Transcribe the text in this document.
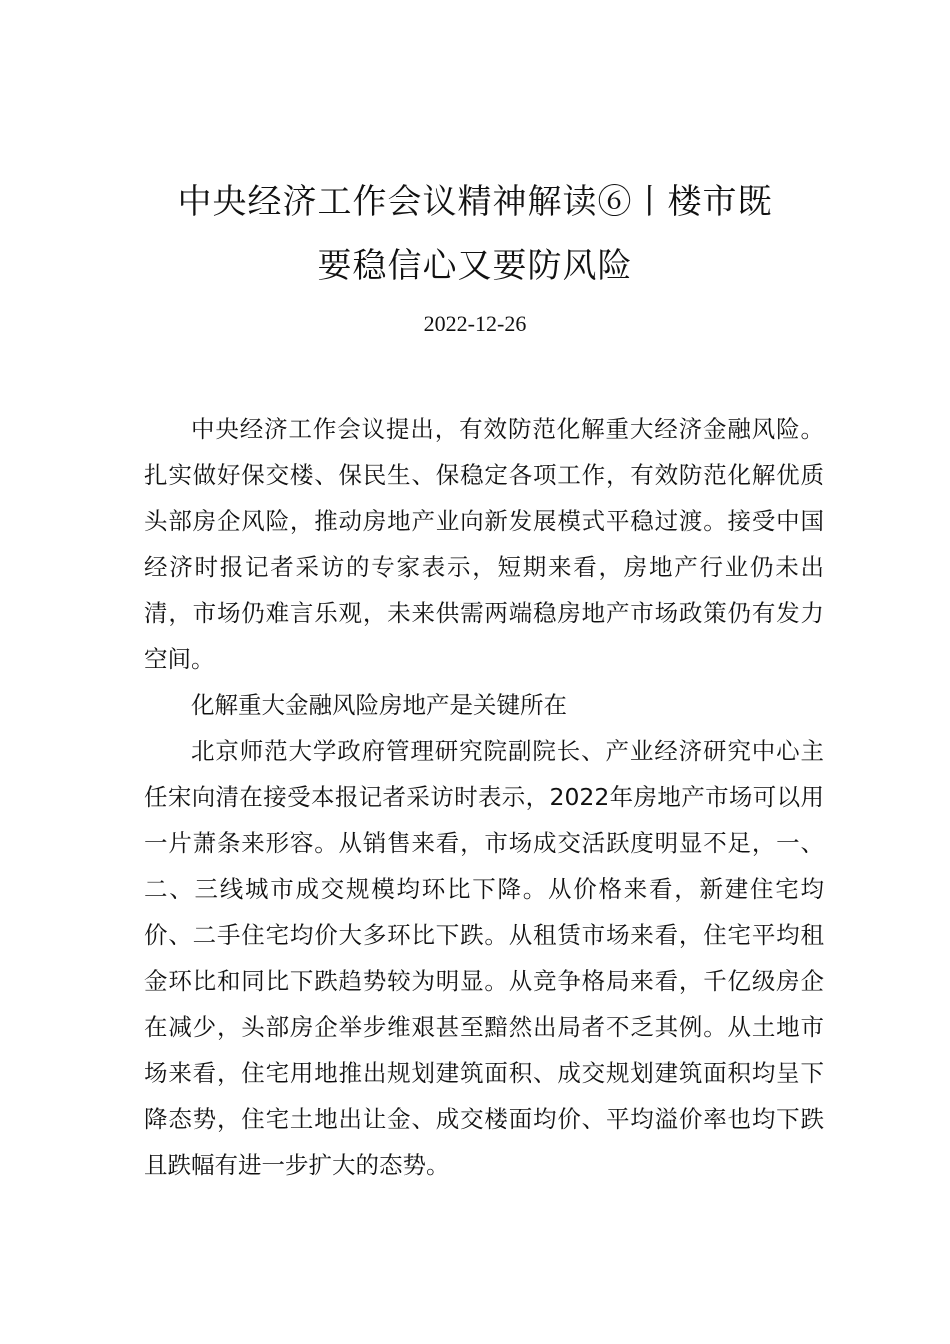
中央经济工作会议精神解读⑥丨楼市既
要稳信心又要防风险
2022-12-26

中央经济工作会议提出，有效防范化解重大经济金融风险。扎实做好保交楼、保民生、保稳定各项工作，有效防范化解优质头部房企风险，推动房地产业向新发展模式平稳过渡。接受中国经济时报记者采访的专家表示，短期来看，房地产行业仍未出清，市场仍难言乐观，未来供需两端稳房地产市场政策仍有发力空间。

化解重大金融风险房地产是关键所在

北京师范大学政府管理研究院副院长、产业经济研究中心主任宋向清在接受本报记者采访时表示，2022年房地产市场可以用一片萧条来形容。从销售来看，市场成交活跃度明显不足，一、二、三线城市成交规模均环比下降。从价格来看，新建住宅均价、二手住宅均价大多环比下跌。从租赁市场来看，住宅平均租金环比和同比下跌趋势较为明显。从竞争格局来看，千亿级房企在减少，头部房企举步维艰甚至黯然出局者不乏其例。从土地市场来看，住宅用地推出规划建筑面积、成交规划建筑面积均呈下降态势，住宅土地出让金、成交楼面均价、平均溢价率也均下跌且跌幅有进一步扩大的态势。
